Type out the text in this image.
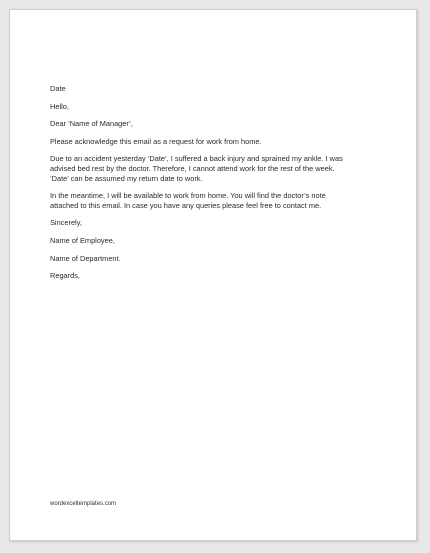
Date

Hello,

Dear ‘Name of Manager’,

Please acknowledge this email as a request for work from home.

Due to an accident yesterday ‘Date’, I suffered a back injury and sprained my ankle. I was
advised bed rest by the doctor. Therefore, I cannot attend work for the rest of the week.
‘Date’ can be assumed my return date to work.

In the meantime, I will be available to work from home. You will find the doctor’s note
attached to this email. In case you have any queries please feel free to contact me.

Sincerely,

Name of Employee,

Name of Department.

Regards,

wordexceltemplates.com
